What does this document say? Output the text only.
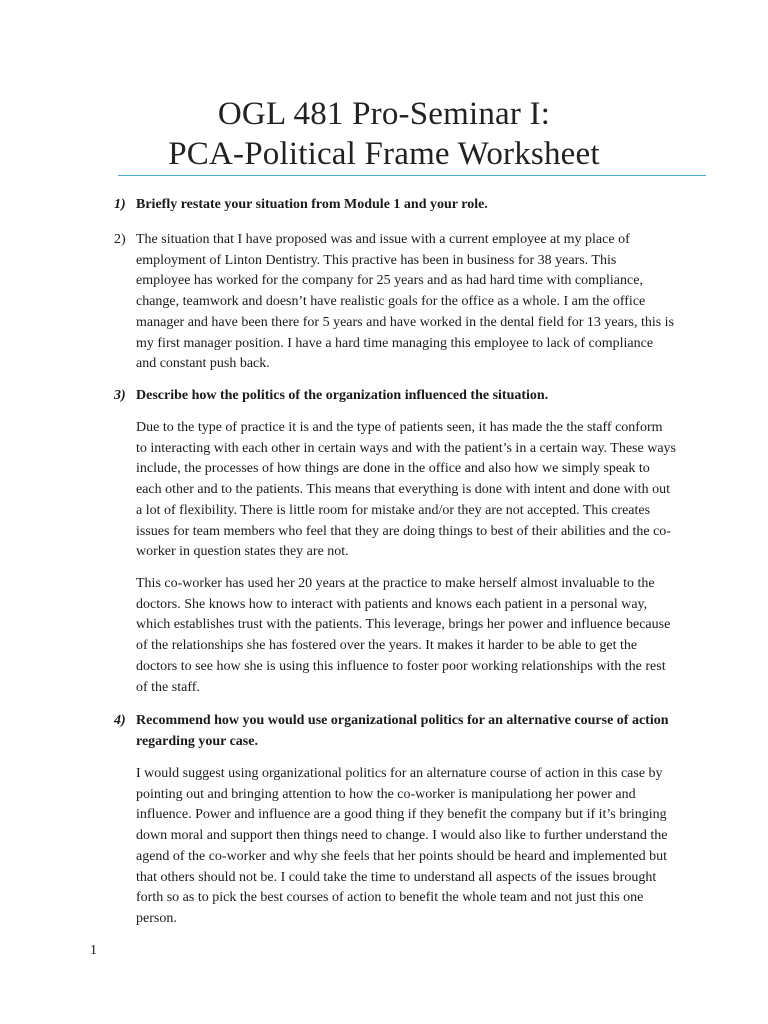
OGL 481 Pro-Seminar I:
PCA-Political Frame Worksheet
1) Briefly restate your situation from Module 1 and your role.
2) The situation that I have proposed was and issue with a current employee at my place of employment of Linton Dentistry. This practive has been in business for 38 years. This employee has worked for the company for 25 years and as had hard time with compliance, change, teamwork and doesn’t have realistic goals for the office as a whole. I am the office manager and have been there for 5 years and have worked in the dental field for 13 years, this is my first manager position. I have a hard time managing this employee to lack of compliance and constant push back.
3) Describe how the politics of the organization influenced the situation.
Due to the type of practice it is and the type of patients seen, it has made the the staff conform to interacting with each other in certain ways and with the patient’s in a certain way. These ways include, the processes of how things are done in the office and also how we simply speak to each other and to the patients. This means that everything is done with intent and done with out a lot of flexibility. There is little room for mistake and/or they are not accepted. This creates issues for team members who feel that they are doing things to best of their abilities and the co-worker in question states they are not.
This co-worker has used her 20 years at the practice to make herself almost invaluable to the doctors. She knows how to interact with patients and knows each patient in a personal way, which establishes trust with the patients. This leverage, brings her power and influence because of the relationships she has fostered over the years. It makes it harder to be able to get the doctors to see how she is using this influence to foster poor working relationships with the rest of the staff.
4) Recommend how you would use organizational politics for an alternative course of action regarding your case.
I would suggest using organizational politics for an alternature course of action in this case by pointing out and bringing attention to how the co-worker is manipulationg her power and influence. Power and influence are a good thing if they benefit the company but if it’s bringing down moral and support then things need to change. I would also like to further understand the agend of the co-worker and why she feels that her points should be heard and implemented but that others should not be. I could take the time to understand all aspects of the issues brought forth so as to pick the best courses of action to benefit the whole team and not just this one person.
1
